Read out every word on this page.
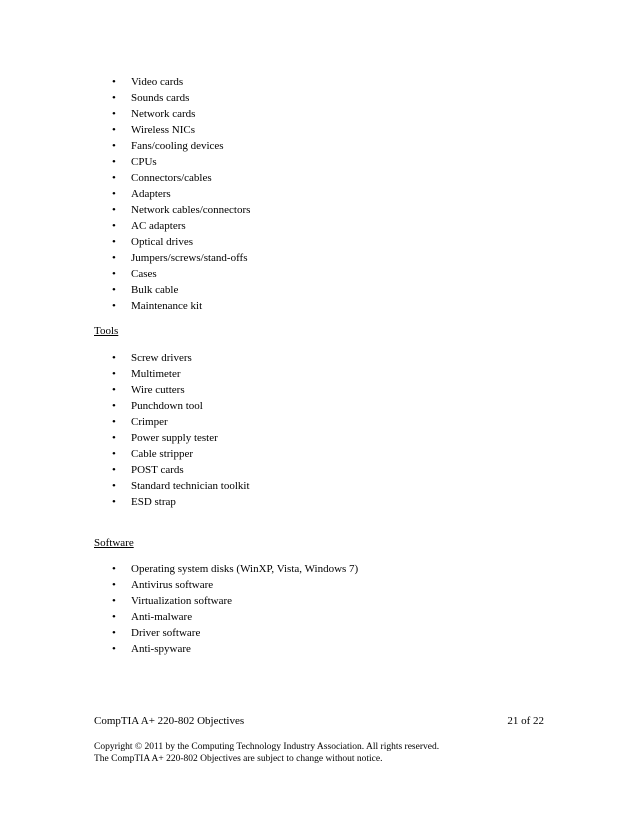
• Video cards
• Sounds cards
• Network cards
• Wireless NICs
• Fans/cooling devices
• CPUs
• Connectors/cables
• Adapters
• Network cables/connectors
• AC adapters
• Optical drives
• Jumpers/screws/stand-offs
• Cases
• Bulk cable
• Maintenance kit
Tools
• Screw drivers
• Multimeter
• Wire cutters
• Punchdown tool
• Crimper
• Power supply tester
• Cable stripper
• POST cards
• Standard technician toolkit
• ESD strap
Software
• Operating system disks (WinXP, Vista, Windows 7)
• Antivirus software
• Virtualization software
• Anti-malware
• Driver software
• Anti-spyware
CompTIA A+ 220-802 Objectives	21 of 22
Copyright © 2011 by the Computing Technology Industry Association. All rights reserved.
The CompTIA A+ 220-802 Objectives are subject to change without notice.
